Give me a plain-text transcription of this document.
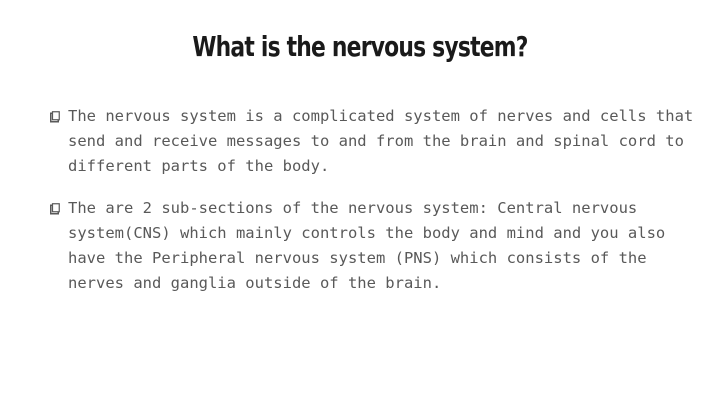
What is the nervous system?
The nervous system is a complicated system of nerves and cells that send and receive messages to and from the brain and spinal cord to different parts of the body.
The are 2 sub-sections of the nervous system: Central nervous system(CNS) which mainly controls the body and mind and you also have the Peripheral nervous system (PNS) which consists of the nerves and ganglia outside of the brain.
